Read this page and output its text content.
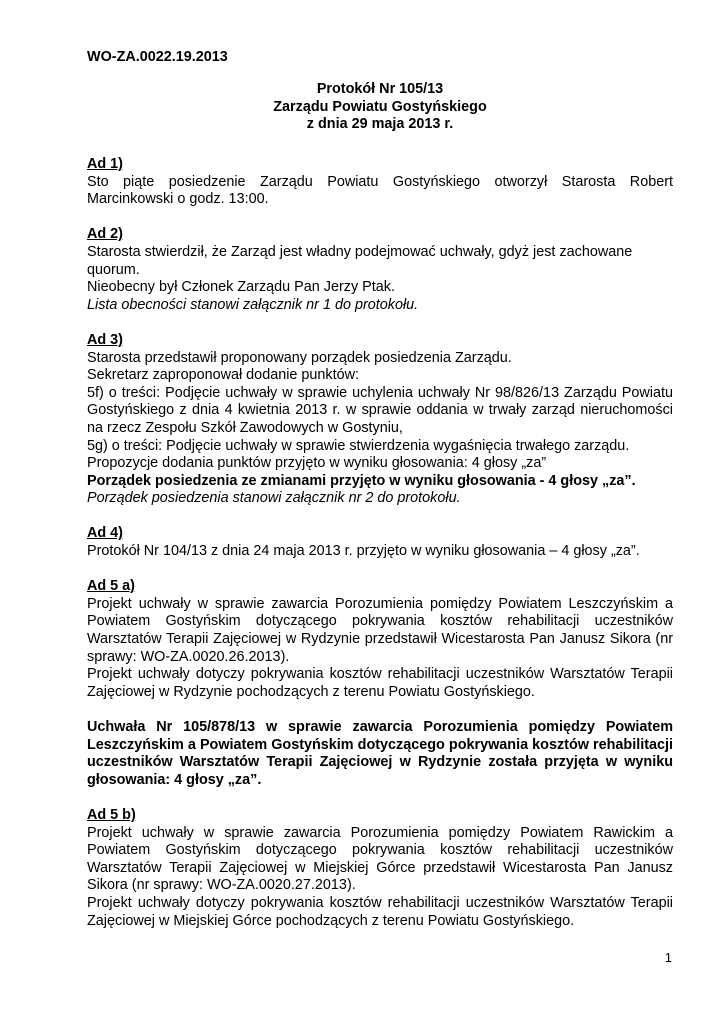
WO-ZA.0022.19.2013

Protokół Nr 105/13
Zarządu Powiatu Gostyńskiego
z dnia 29 maja 2013 r.

Ad 1)

Sto piąte posiedzenie Zarządu Powiatu Gostyńskiego otworzył Starosta Robert Marcinkowski o godz. 13:00.

Ad 2)

Starosta stwierdził, że Zarząd jest władny podejmować uchwały, gdyż jest zachowane quorum.

Nieobecny był Członek Zarządu Pan Jerzy Ptak.

Lista obecności stanowi załącznik nr 1 do protokołu.

Ad 3)

Starosta przedstawił proponowany porządek posiedzenia Zarządu.

Sekretarz zaproponował dodanie punktów:

5f) o treści: Podjęcie uchwały w sprawie uchylenia uchwały Nr 98/826/13 Zarządu Powiatu Gostyńskiego z dnia 4 kwietnia 2013 r. w sprawie oddania w trwały zarząd nieruchomości na rzecz Zespołu Szkół Zawodowych w Gostyniu,

5g) o treści: Podjęcie uchwały w sprawie stwierdzenia wygaśnięcia trwałego zarządu.

Propozycje dodania punktów przyjęto w wyniku głosowania: 4 głosy „za”

Porządek posiedzenia ze zmianami przyjęto w wyniku głosowania - 4 głosy „za”.

Porządek posiedzenia stanowi załącznik nr 2 do protokołu.

Ad 4)

Protokół Nr 104/13 z dnia 24 maja 2013 r. przyjęto w wyniku głosowania – 4 głosy „za”.

Ad 5 a)

Projekt uchwały w sprawie zawarcia Porozumienia pomiędzy Powiatem Leszczyńskim a Powiatem Gostyńskim dotyczącego pokrywania kosztów rehabilitacji uczestników Warsztatów Terapii Zajęciowej w Rydzynie przedstawił Wicestarosta Pan Janusz Sikora (nr sprawy: WO-ZA.0020.26.2013).

Projekt uchwały dotyczy pokrywania kosztów rehabilitacji uczestników Warsztatów Terapii Zajęciowej w Rydzynie pochodzących z terenu Powiatu Gostyńskiego.

Uchwała Nr 105/878/13 w sprawie zawarcia Porozumienia pomiędzy Powiatem Leszczyńskim a Powiatem Gostyńskim dotyczącego pokrywania kosztów rehabilitacji uczestników Warsztatów Terapii Zajęciowej w Rydzynie została przyjęta w wyniku głosowania: 4 głosy „za”.

Ad 5 b)

Projekt uchwały w sprawie zawarcia Porozumienia pomiędzy Powiatem Rawickim a Powiatem Gostyńskim dotyczącego pokrywania kosztów rehabilitacji uczestników Warsztatów Terapii Zajęciowej w Miejskiej Górce przedstawił Wicestarosta Pan Janusz Sikora (nr sprawy: WO-ZA.0020.27.2013).

Projekt uchwały dotyczy pokrywania kosztów rehabilitacji uczestników Warsztatów Terapii Zajęciowej w Miejskiej Górce pochodzących z terenu Powiatu Gostyńskiego.

1
